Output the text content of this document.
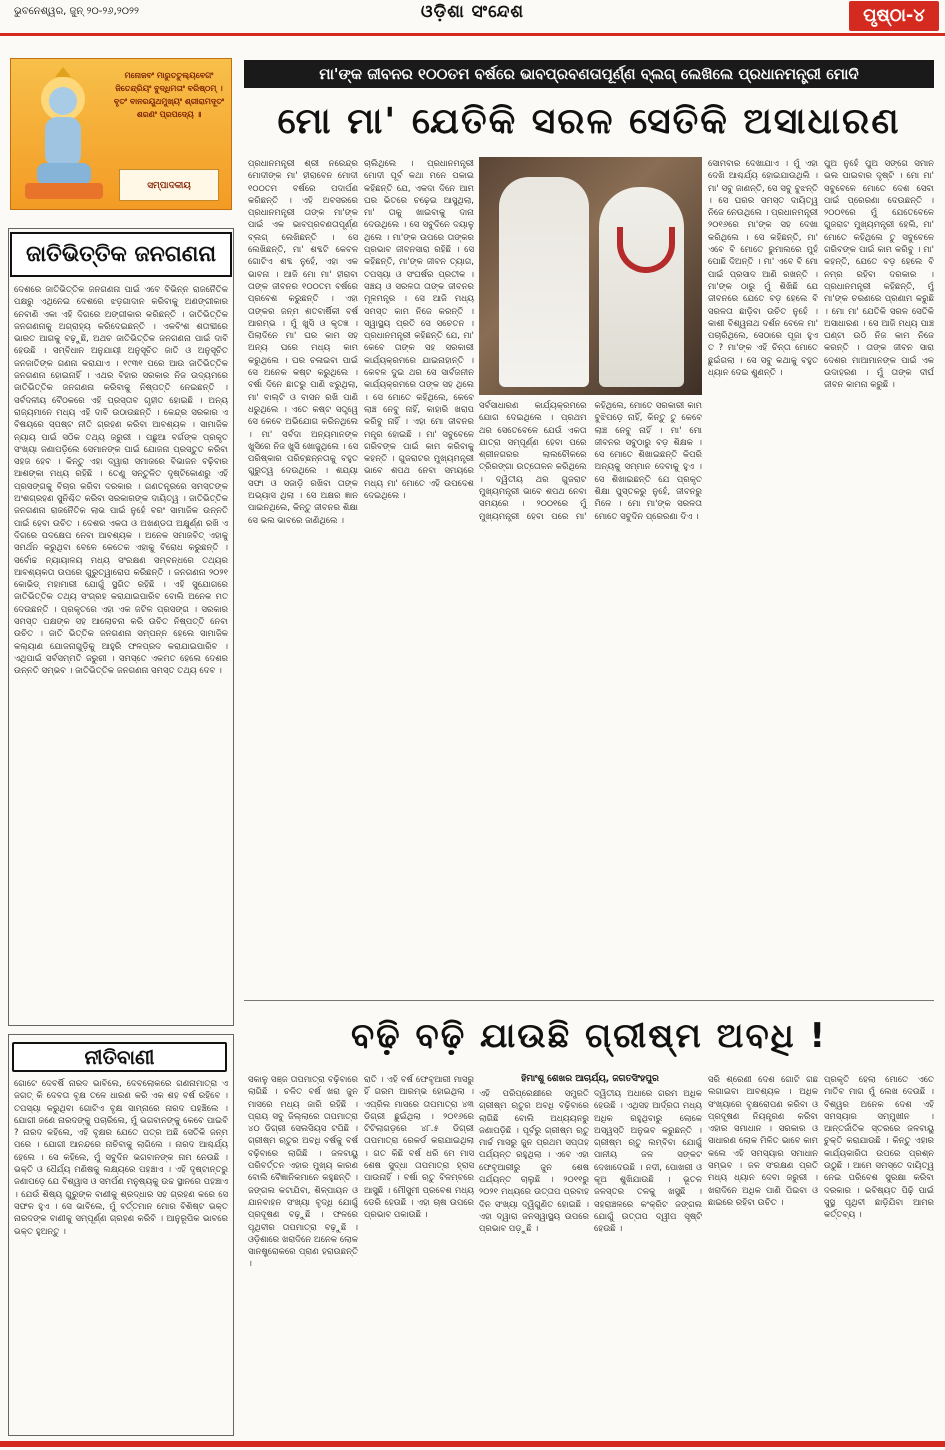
ଭୁବନେଶ୍ୱର, ଜୁନ୍ ୨୦-୨୬,୨୦୨୨	ଓଡ଼ିଶା ସଂନ୍ଦେଶ	ପୃଷ୍ଠା-୪
ମନୋଜବଂ ମାରୁତତୁଲ୍ୟବେଗଂ ଜିତେନ୍ଦ୍ରିୟଂ ବୁଦ୍ଧିମତାଂ ବରିଷ୍ଠମ୍ । ବୃତଂ ବାନରୟୂଥମୁଖ୍ୟଂ ଶ୍ରୀରାମଦୂତଂ ଶରଣଂ ପ୍ରପଦ୍ୟେ ॥
ସମ୍ପାଦକୀୟ
ଜାତିଭିତ୍ତିକ ଜନଗଣନା
ଦେଶରେ ଜାତିଭିତ୍ତିକ ଜନଗଣନା ପାଇଁ ଏବେ ବିଭିନ୍ନ ରାଜନୈତିକ ପକ୍ଷରୁ ଏଥିନେଇ ଦେଶରେ ଝଡ଼ଗାଦାନ କରିବାକୁ ଅଣଙ୍ଗୀକାର ନେବାଣି ଏକା ଏହି ଦିଗରେ ଅଙ୍ଗୀକାର କରିଛନ୍ତି । ଜାତିଭିତ୍ତିକ ଜନଗଣନାକୁ ଅଗ୍ରାହ୍ୟ କରିଦେଇଛନ୍ତି । ଏକବିଂଶ ଶତାବ୍ଦୀରେ ଭାରତ ଆଗକୁ ବଢ଼ୁଛି, ଅଥଚ ଜାତିଭିତ୍ତିକ ଜନଗଣନା ପାଇଁ ଦାବି ହେଉଛି । ସମ୍ବିଧାନ ଅନୁଯାୟୀ ଅନୁସୂଚିତ ଜାତି ଓ ଅନୁସୂଚିତ ଜନଜାତିଙ୍କ ଗଣନା କରାଯାଏ । ୧୯୩୧ ପରେ ଆଉ ଜାତିଭିତ୍ତିକ ଜନଗଣନା ହୋଇନାହିଁ । ଏଥର ବିହାର ସରକାର ନିଜ ଉଦ୍ୟମରେ ଜାତିଭିତ୍ତିକ ଜନଗଣନା କରିବାକୁ ନିଷ୍ପତ୍ତି ନେଇଛନ୍ତି । ସର୍ବଦଳୀୟ ବୈଠକରେ ଏହି ପ୍ରସ୍ତାବ ଗୃହୀତ ହୋଇଛି । ଅନ୍ୟ ରାଜ୍ୟମାନେ ମଧ୍ୟ ଏହି ଦାବି ଉଠାଉଛନ୍ତି । କେନ୍ଦ୍ର ସରକାର ଏ ବିଷୟରେ ସ୍ପଷ୍ଟ ନୀତି ଗ୍ରହଣ କରିବା ଆବଶ୍ୟକ । ସାମାଜିକ ନ୍ୟାୟ ପାଇଁ ସଠିକ ତଥ୍ୟ ଜରୁରୀ । ପଛୁଆ ବର୍ଗଙ୍କ ପ୍ରକୃତ ସଂଖ୍ୟା ଜଣାପଡ଼ିଲେ ସେମାନଙ୍କ ପାଇଁ ଯୋଜନା ପ୍ରସ୍ତୁତ କରିବା ସହଜ ହେବ । କିନ୍ତୁ ଏହା ଦ୍ୱାରା ସମାଜରେ ବିଭାଜନ ବଢ଼ିବାର ଆଶଙ୍କା ମଧ୍ୟ ରହିଛି । ତେଣୁ ସନ୍ତୁଳିତ ଦୃଷ୍ଟିକୋଣରୁ ଏହି ପ୍ରସଙ୍ଗକୁ ବିଚାର କରିବା ଦରକାର । ଗଣତନ୍ତ୍ରରେ ସମସ୍ତଙ୍କ ଅଂଶଗ୍ରହଣ ସୁନିଶ୍ଚିତ କରିବା ସରକାରଙ୍କ ଦାୟିତ୍ୱ । ଜାତିଭିତ୍ତିକ ଜନଗଣନା ରାଜନୈତିକ ଲାଭ ପାଇଁ ନୁହେଁ ବରଂ ସାମାଜିକ ଉନ୍ନତି ପାଇଁ ହେବା ଉଚିତ । ଦେଶର ଏକତା ଓ ଅଖଣ୍ଡତା ଅକ୍ଷୁର୍ଣ୍ଣ ରଖି ଏ ଦିଗରେ ପଦକ୍ଷେପ ନେବା ଆବଶ୍ୟକ । ଅନେକ ସମାଜବିତ୍ ଏହାକୁ ସମର୍ଥନ କରୁଥିବା ବେଳେ କେତେକ ଏହାକୁ ବିରୋଧ କରୁଛନ୍ତି । ସର୍ବୋଚ୍ଚ ନ୍ୟାୟାଳୟ ମଧ୍ୟ ସଂରକ୍ଷଣ ସମ୍ବନ୍ଧରେ ତଥ୍ୟର ଆବଶ୍ୟକତା ଉପରେ ଗୁରୁତ୍ୱାରୋପ କରିଛନ୍ତି । ଜନଗଣନା ୨୦୨୧ କୋଭିଡ୍ ମହାମାରୀ ଯୋଗୁଁ ସ୍ଥଗିତ ରହିଛି । ଏହି ସୁଯୋଗରେ ଜାତିଭିତ୍ତିକ ତଥ୍ୟ ସଂଗ୍ରହ କରାଯାଇପାରିବ ବୋଲି ଅନେକ ମତ ଦେଉଛନ୍ତି । ପ୍ରକୃତରେ ଏହା ଏକ ଜଟିଳ ପ୍ରସଙ୍ଗ । ସରକାର ସମସ୍ତ ପକ୍ଷଙ୍କ ସହ ଆଲୋଚନା କରି ଉଚିତ ନିଷ୍ପତ୍ତି ନେବା ଉଚିତ । ଜାତି ଭିତ୍ତିକ ଜନଗଣନା ସମ୍ପନ୍ନ ହେଲେ ସାମାଜିକ କଲ୍ୟାଣ ଯୋଜନାଗୁଡ଼ିକୁ ଆହୁରି ଫଳପ୍ରଦ କରାଯାଇପାରିବ । ଏଥିପାଇଁ ସର୍ବସମ୍ମତି ଜରୁରୀ । ସମସ୍ତେ ଏକମତ ହେଲେ ଦେଶର ଉନ୍ନତି ସମ୍ଭବ । ଜାତିଭିତ୍ତିକ ଜନଗଣନା ସମସ୍ତ ତଥ୍ୟ ଦେବ ।
ନୀତିବାଣୀ
ଗୋଟେ ଦେବର୍ଷି ନାରଦ ଭାବିଲେ, ଦେବଲୋକରେ ଗଣନାମାତ୍ରା ଏ ଜଗତ୍ କି ଦେବତା ବୃକ୍ଷ ତଳେ ଧାରଣ କରି ଏକ ଶହ ବର୍ଷ ରହିବେ । ତପସ୍ୟା କରୁଥିବା ଗୋଟିଏ ବୃକ୍ଷ ସାମ୍ନାରେ ନାରଦ ପହଞ୍ଚିଲେ । ଯୋଗୀ ଜଣେ ନାରଦଙ୍କୁ ପଚାରିଲେ, ମୁଁ ଭଗବାନଙ୍କୁ କେବେ ପାଇବି ? ନାରଦ କହିଲେ, ଏହି ବୃକ୍ଷର ଯେତେ ପତ୍ର ଅଛି ସେତିକି ଜନ୍ମ ପରେ । ଯୋଗୀ ଆନନ୍ଦରେ ନାଚିବାକୁ ଲାଗିଲେ । ନାରଦ ଆଶ୍ଚର୍ଯ୍ୟ ହେଲେ । ସେ କହିଲେ, ମୁଁ ସବୁଦିନ ଭଗବାନଙ୍କ ନାମ ନେଉଛି । ଭକ୍ତି ଓ ଧୈର୍ଯ୍ୟ ମଣିଷକୁ ଲକ୍ଷ୍ୟରେ ପହଞ୍ଚାଏ । ଏହି ଦୃଷ୍ଟାନ୍ତରୁ ଜଣାପଡ଼େ ଯେ ବିଶ୍ୱାସ ଓ ସମର୍ପଣ ମନୁଷ୍ୟକୁ ଉଚ୍ଚ ସ୍ଥାନରେ ପହଞ୍ଚାଏ । ଯେଉଁ ଶିଷ୍ୟ ଗୁରୁଙ୍କ ବାଣୀକୁ ଶ୍ରଦ୍ଧାର ସହ ଗ୍ରହଣ କରେ ସେ ସଫଳ ହୁଏ । ସେ ଭାବିଲେ, ମୁଁ ବର୍ତ୍ତମାନ ମୋର ବିଶିଷ୍ଟ ଭକ୍ତ ନାରଦଙ୍କ ବାଣୀକୁ ସମ୍ପୂର୍ଣ୍ଣ ଗ୍ରହଣ କରିବି । ଆନୁରୂପିକ ଭାବରେ ଭକ୍ତ ହୁଅନ୍ତୁ ।
ମା'ଙ୍କ ଜୀବନର ୧୦୦ତମ ବର୍ଷରେ ଭାବପ୍ରବଣତାପୂର୍ଣ୍ଣ ବ୍ଲଗ୍ ଲେଖିଲେ ପ୍ରଧାନମନ୍ତ୍ରୀ ମୋଦି
ମୋ ମା' ଯେତିକି ସରଳ ସେତିକି ଅସାଧାରଣ
ପ୍ରଧାନମନ୍ତ୍ରୀ ଶ୍ରୀ ନରେନ୍ଦ୍ର ମୋଦୀଙ୍କ ମା' ହୀରାବେନ ମୋଦୀ ୧୦୦ତମ ବର୍ଷରେ ପଦାର୍ପଣ କରିଛନ୍ତି । ଏହି ଅବସରରେ ପ୍ରଧାନମନ୍ତ୍ରୀ ତାଙ୍କ ମା'ଙ୍କ ପାଇଁ ଏକ ଭାବପ୍ରବଣତାପୂର୍ଣ୍ଣ ବ୍ଲଗ୍ ଲେଖିଛନ୍ତି । ସେ ଲେଖିଛନ୍ତି, ମା' ଶବ୍ଦଟି କେବଳ ଗୋଟିଏ ଶବ୍ଦ ନୁହେଁ, ଏହା ଏକ ଭାବନା । ଆଜି ମୋ ମା' ହୀରାବା ତାଙ୍କ ଜୀବନର ୧୦୦ତମ ବର୍ଷରେ ପ୍ରବେଶ କରୁଛନ୍ତି । ଏହା ତାଙ୍କର ଜନ୍ମ ଶତବାର୍ଷିକୀ ବର୍ଷ ଆରମ୍ଭ । ମୁଁ ଖୁସି ଓ କୃତଜ୍ଞ । ପିଲାଦିନେ ମା' ଘର କାମ ସହ ଅନ୍ୟ ଘରେ ମଧ୍ୟ କାମ କରୁଥିଲେ । ଘର ଚଳାଇବା ପାଇଁ ସେ ଅନେକ କଷ୍ଟ କରୁଥିଲେ । ବର୍ଷା ଦିନେ ଛାତରୁ ପାଣି ଝରୁଥିଲା, ମା' ବାଲ୍ଟି ଓ ବାସନ ରଖି ପାଣି ଧରୁଥିଲେ । ଏତେ କଷ୍ଟ ସତ୍ତ୍ୱେ ସେ କେବେ ଅଭିଯୋଗ କରିନଥିଲେ । ମା' ସର୍ବଦା ଅନ୍ୟମାନଙ୍କ ଖୁସିରେ ନିଜ ଖୁସି ଖୋଜୁଥିଲେ । ସେ ପରିଷ୍କାର ପରିଚ୍ଛନ୍ନତାକୁ ବହୁତ ଗୁରୁତ୍ୱ ଦେଉଥିଲେ । ଶଯ୍ୟା ସଫା ଓ ସଜାଡ଼ି ରଖିବା ତାଙ୍କ ଅଭ୍ୟାସ ଥିଲା । ସେ ଅକ୍ଷର ଜ୍ଞାନ ପାଇନଥିଲେ, କିନ୍ତୁ ଜୀବନର ଶିକ୍ଷା ସେ ଭଲ ଭାବରେ ଜାଣିଥିଲେ ।
ଚାଲିଥିଲେ । ପ୍ରଧାନମନ୍ତ୍ରୀ ମୋଦୀ ପୂର୍ବ କଥା ମନେ ପକାଇ କହିଛନ୍ତି ଯେ, ଏକଦା ଦିନେ ଆମ ଘର ଭିତରେ ଚଢ଼େଇ ଆସୁଥିଲା, ମା' ତାକୁ ଖାଇବାକୁ ଦାନା ଦେଉଥିଲେ । ସେ ସବୁଦିନେ ଦୟାଳୁ ଥିଲେ । ମା'ଙ୍କ ଉପରେ ତାଙ୍କର ପ୍ରଭାବ ଜୀବନସାରା ରହିଛି । ସେ କହିଛନ୍ତି, ମା'ଙ୍କ ଜୀବନ ତ୍ୟାଗ, ତପସ୍ୟା ଓ ସଂଘର୍ଷର ପ୍ରତୀକ । ସଞ୍ଚୟ ଓ ସରଳତା ତାଙ୍କ ଜୀବନର ମୂଳମନ୍ତ୍ର । ସେ ଆଜି ମଧ୍ୟ ସମସ୍ତ କାମ ନିଜେ କରନ୍ତି । ସ୍ୱାସ୍ଥ୍ୟ ପ୍ରତି ସେ ସଚେତନ । ପ୍ରଧାନମନ୍ତ୍ରୀ କହିଛନ୍ତି ଯେ, ମା' କେବେ ତାଙ୍କ ସହ ସରକାରୀ କାର୍ଯ୍ୟକ୍ରମରେ ଯାଇନାହାନ୍ତି । କେବଳ ଦୁଇ ଥର ସେ ସାର୍ବଜନୀନ କାର୍ଯ୍ୟକ୍ରମରେ ତାଙ୍କ ସହ ଥିଲେ । ସେ ମୋତେ କହିଥିଲେ, କେବେ ଲାଞ୍ଚ ନେବୁ ନାହିଁ, କାହାରି ଖରାପ କରିବୁ ନାହିଁ । ଏହା ମୋ ଜୀବନର ମନ୍ତ୍ର ହୋଇଛି । ମା' ସବୁବେଳେ ଗରିବଙ୍କ ପାଇଁ କାମ କରିବାକୁ କହନ୍ତି । ଗୁଜରାଟର ମୁଖ୍ୟମନ୍ତ୍ରୀ ଭାବେ ଶପଥ ନେବା ସମୟରେ ମଧ୍ୟ ମା' ମୋତେ ଏହି ଉପଦେଶ ଦେଇଥିଲେ ।
ସର୍ବସାଧାରଣ କାର୍ଯ୍ୟକ୍ରମରେ ଯୋଗ ଦେଇଥିଲେ । ପ୍ରଥମ ଥର ସେତେବେଳେ ଯେଉଁ ଏକତା ଯାତ୍ରା ସମ୍ପୂର୍ଣ୍ଣ ହେବା ପରେ ଶ୍ରୀନଗରର ଲାଲଚୌକରେ ତ୍ରିରଙ୍ଗା ଉତ୍ତୋଳନ କରିଥିଲେ । ଦ୍ୱିତୀୟ ଥର ଗୁଜରାଟ ମୁଖ୍ୟମନ୍ତ୍ରୀ ଭାବେ ଶପଥ ନେବା ସମୟରେ । ୨୦୦୧ରେ ମୁଁ ମୁଖ୍ୟମନ୍ତ୍ରୀ ହେବା ପରେ ମା' କହିଥିଲେ, ମୋତେ ସରକାରୀ କାମ ବୁଝିପଡ଼େ ନାହିଁ, କିନ୍ତୁ ତୁ କେବେ ଲାଞ୍ଚ ନେବୁ ନାହିଁ । ମା' ମୋ ଜୀବନର ସବୁଠାରୁ ବଡ଼ ଶିକ୍ଷକ । ସେ ମୋତେ ଶିଖାଇଛନ୍ତି କିପରି ଅନ୍ୟକୁ ସମ୍ମାନ ଦେବାକୁ ହୁଏ । ସେ ଶିଖାଇଛନ୍ତି ଯେ ପ୍ରକୃତ ଶିକ୍ଷା ପୁସ୍ତକରୁ ନୁହେଁ, ଜୀବନରୁ ମିଳେ । ମୋ ମା'ଙ୍କ ସରଳତା ମୋତେ ସବୁଦିନ ପ୍ରେରଣା ଦିଏ ।
ସୋମବାର ଦେଖାଯାଏ । ମୁଁ ଏହା ଦେଖି ଆଶ୍ଚର୍ଯ୍ୟ ହୋଇଯାଉଥିଲି । ମା' ସବୁ ଜାଣନ୍ତି, ସେ ସବୁ ବୁଝନ୍ତି । ସେ ଘରର ସମସ୍ତ ଦାୟିତ୍ୱ ନିଜେ ନେଉଥିଲେ । ପ୍ରଧାନମନ୍ତ୍ରୀ ୨୦୧୬ରେ ମା'ଙ୍କ ସହ ଦେଖା କରିଥିଲେ । ସେ କହିଛନ୍ତି, ମା' ଏବେ ବି ମୋତେ ରୁମାଲରେ ମୁହଁ ପୋଛି ଦିଅନ୍ତି । ମା' ଏବେ ବି ମୋ ପାଇଁ ପ୍ରସାଦ ଆଣି ରଖନ୍ତି । ମା'ଙ୍କ ଠାରୁ ମୁଁ ଶିଖିଛି ଯେ ଜୀବନରେ ଯେତେ ବଡ଼ ହେଲେ ବି ସରଳତା ଛାଡ଼ିବା ଉଚିତ ନୁହେଁ । କାଶୀ ବିଶ୍ୱନାଥ ଦର୍ଶନ ବେଳେ ମା' ପଚାରିଥିଲେ, ସେଠାରେ ପୂଜା ହୁଏ ତ ? ମା'ଙ୍କ ଏହି ଚିନ୍ତା ମୋତେ ଛୁଇଁଗଲା । ସେ ସବୁ କଥାକୁ ବହୁତ ଧ୍ୟାନ ଦେଇ ଶୁଣନ୍ତି ।
ପୁଅ ନୁହେଁ ପୁଅ ସଙ୍ଗେ ସମାନ ଭଲ ପାଇବାର ଦୃଷ୍ଟି । ମୋ ମା' ସବୁବେଳେ ମୋତେ ଦେଶ ସେବା ପାଇଁ ପ୍ରେରଣା ଦେଉଛନ୍ତି । ୨୦୦୧ରେ ମୁଁ ଯେତେବେଳେ ଗୁଜରାଟ ମୁଖ୍ୟମନ୍ତ୍ରୀ ହେଲି, ମା' ମୋତେ କହିଥିଲେ ତୁ ସବୁବେଳେ ଗରିବଙ୍କ ପାଇଁ କାମ କରିବୁ । ମା' କହନ୍ତି, ଯେତେ ବଡ଼ ହେଲେ ବି ନମ୍ର ରହିବା ଦରକାର । ପ୍ରଧାନମନ୍ତ୍ରୀ କହିଛନ୍ତି, ମୁଁ ମା'ଙ୍କ ଚରଣରେ ପ୍ରଣାମ କରୁଛି । ମୋ ମା' ଯେତିକି ସରଳ ସେତିକି ଅସାଧାରଣ । ସେ ଆଜି ମଧ୍ୟ ପାଞ୍ଚ ଘଣ୍ଟା ଉଠି ନିଜ କାମ ନିଜେ କରନ୍ତି । ତାଙ୍କ ଜୀବନ ସାରା ଦେଶର ମାଆମାନଙ୍କ ପାଇଁ ଏକ ଉଦାହରଣ । ମୁଁ ତାଙ୍କ ଦୀର୍ଘ ଜୀବନ କାମନା କରୁଛି ।
ବଢ଼ି ବଢ଼ି ଯାଉଛି ଗ୍ରୀଷ୍ମ ଅବଧି !
ହିମାଂଶୁ ଶେଖର ଆଚାର୍ଯ୍ୟ, ଜଗତସିଂହପୁର
ସକାଳୁ ସଞ୍ଜ ତାପମାତ୍ରା ବଢ଼ିବାରେ ଲାଗିଛି । ଚଳିତ ବର୍ଷ ଖରା ଜୁନ ମାସରେ ମଧ୍ୟ ଜାରି ରହିଛି । ପ୍ରାୟ ସବୁ ଜିଲ୍ଲାରେ ତାପମାତ୍ରା ୪୦ ଡିଗ୍ରୀ ସେଲସିୟସ ଟପିଛି । ଗ୍ରୀଷ୍ମ ଋତୁର ଅବଧି ବର୍ଷକୁ ବର୍ଷ ବଢ଼ିବାରେ ଲାଗିଛି । ଜଳବାୟୁ ପରିବର୍ତ୍ତନ ଏହାର ମୁଖ୍ୟ କାରଣ ବୋଲି ବୈଜ୍ଞାନିକମାନେ କହୁଛନ୍ତି । ଜଙ୍ଗଲ କଟାଯିବା, ଶିଳ୍ପାୟନ ଓ ଯାନବାହନ ସଂଖ୍ୟା ବୃଦ୍ଧି ଯୋଗୁଁ ପ୍ରଦୂଷଣ ବଢ଼ୁଛି । ଫଳରେ ପୃଥିବୀର ତାପମାତ୍ରା ବଢ଼ୁଛି । ଓଡ଼ିଶାରେ ଖରାଦିନେ ଅନେକ ଲୋକ ସାନଷ୍ଟ୍ରୋକରେ ପ୍ରାଣ ହରାଉଛନ୍ତି ।
ରାତି । ଏହି ବର୍ଷ ଫେବୃଆରୀ ମାସରୁ ହିଁ ଗରମ ଆରମ୍ଭ ହୋଇଥିଲା । ଏପ୍ରିଲ ମାସରେ ତାପମାତ୍ରା ୪୩ ଡିଗ୍ରୀ ଛୁଇଁଥିଲା । ୨୦୧୬ରେ ଟିଟିଲାଗଡ଼ରେ ୪୮.୫ ଡିଗ୍ରୀ ତାପମାତ୍ରା ରେକର୍ଡ କରାଯାଇଥିଲା । ଗତ କିଛି ବର୍ଷ ଧରି ମେ ମାସ ଶେଷ ସୁଦ୍ଧା ତାପମାତ୍ରା ହ୍ରାସ ପାଉନାହିଁ । ବର୍ଷା ଋତୁ ବିଳମ୍ବରେ ଆସୁଛି । ମୌସୁମୀ ପ୍ରବେଶ ମଧ୍ୟ ଡେରି ହେଉଛି । ଏହା ଚାଷ ଉପରେ ପ୍ରଭାବ ପକାଉଛି ।
ଏହି ପରିପ୍ରେକ୍ଷୀରେ ସମ୍ପ୍ରତି ଗ୍ରୀଷ୍ମ ଋତୁର ଅବଧି ବଢ଼ିବାରେ ଲାଗିଛି ବୋଲି ଅଧ୍ୟୟନରୁ ଜଣାପଡ଼ିଛି । ପୂର୍ବରୁ ଗ୍ରୀଷ୍ମ ଋତୁ ମାର୍ଚ୍ଚ ମାସରୁ ଜୁନ ପ୍ରଥମ ସପ୍ତାହ ପର୍ଯ୍ୟନ୍ତ ରହୁଥିଲା । ଏବେ ଏହା ଫେବୃଆରୀରୁ ଜୁନ ଶେଷ ପର୍ଯ୍ୟନ୍ତ ଚାଲୁଛି । ୨୦୧୧ରୁ ୨୦୨୧ ମଧ୍ୟରେ ଉତ୍ତାପ ପ୍ରବାହ ଦିନ ସଂଖ୍ୟା ଦ୍ୱିଗୁଣିତ ହୋଇଛି । ଏହା ଦ୍ୱାରା ଜନସ୍ୱାସ୍ଥ୍ୟ ଉପରେ ପ୍ରଭାବ ପଡ଼ୁଛି ।
ଦ୍ୱିତୀୟ ଅଧାରେ ଗରମ ଅଧିକ ହେଉଛି । ଏଥିସହ ଆର୍ଦ୍ରତା ମଧ୍ୟ ଅଧିକ ରହୁଥିବାରୁ ଲୋକେ ଅସ୍ୱସ୍ତି ଅନୁଭବ କରୁଛନ୍ତି । ଗ୍ରୀଷ୍ମ ଋତୁ ଲମ୍ବିବା ଯୋଗୁଁ ପାନୀୟ ଜଳ ସଙ୍କଟ ଦେଖାଦେଉଛି । ନଦୀ, ପୋଖରୀ ଓ କୂଅ ଶୁଖିଯାଉଛି । ଭୂତଳ ଜଳସ୍ତର ତଳକୁ ଖସୁଛି । ସହରାଞ୍ଚଳରେ କଂକ୍ରିଟ ଜଙ୍ଗଲ ଯୋଗୁଁ ଉତ୍ତାପ ଦ୍ୱୀପ ସୃଷ୍ଟି ହେଉଛି ।
ସରି ଶ୍ରେଣୀ ଦେଶ ଗୋଟି ଗଛ ଲଗାଇବା ଆବଶ୍ୟକ । ଅଧିକ ସଂଖ୍ୟାରେ ବୃକ୍ଷରୋପଣ କରିବା ଓ ପ୍ରଦୂଷଣ ନିୟନ୍ତ୍ରଣ କରିବା ଏହାର ସମାଧାନ । ସରକାର ଓ ସାଧାରଣ ଲୋକ ମିଳିତ ଭାବେ କାମ କଲେ ଏହି ସମସ୍ୟାର ସମାଧାନ ସମ୍ଭବ । ଜଳ ସଂରକ୍ଷଣ ପ୍ରତି ମଧ୍ୟ ଧ୍ୟାନ ଦେବା ଜରୁରୀ । ଖରାଦିନେ ଅଧିକ ପାଣି ପିଇବା ଓ ଛାଇରେ ରହିବା ଉଚିତ ।
ପ୍ରକୃତି ହେଲା ମୋତେ ଏତେ ମାତିବ ମାଗ ମୁଁ ଲେଖ ଦେଉଛି । ବିଶ୍ୱର ଅନେକ ଦେଶ ଏହି ସମସ୍ୟାର ସମ୍ମୁଖୀନ । ଆନ୍ତର୍ଜାତିକ ସ୍ତରରେ ଜଳବାୟୁ ଚୁକ୍ତି କରାଯାଉଛି । କିନ୍ତୁ ଏହାର କାର୍ଯ୍ୟକାରିତା ଉପରେ ପ୍ରଶ୍ନ ଉଠୁଛି । ଆମେ ସମସ୍ତେ ଦାୟିତ୍ୱ ନେଇ ପରିବେଶ ସୁରକ୍ଷା କରିବା ଦରକାର । ଭବିଷ୍ୟତ ପିଢ଼ି ପାଇଁ ସୁସ୍ଥ ପୃଥିବୀ ଛାଡ଼ିଯିବା ଆମର କର୍ତ୍ତବ୍ୟ ।
